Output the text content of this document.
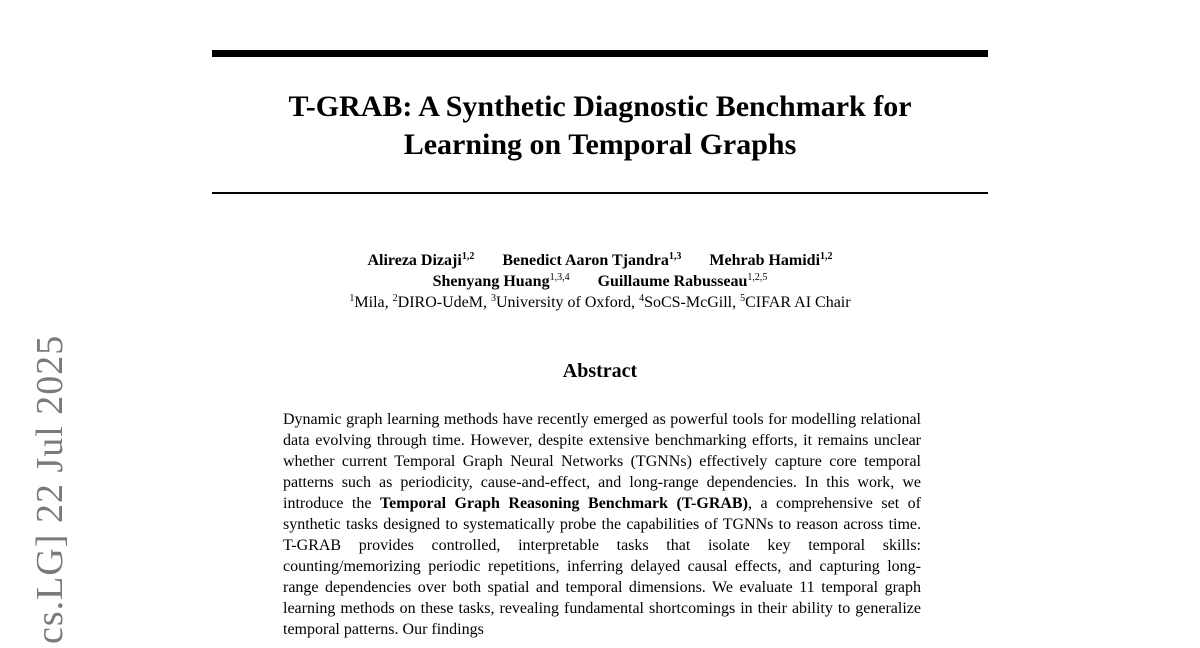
T-GRAB: A Synthetic Diagnostic Benchmark for
Learning on Temporal Graphs
Alireza Dizaji$^{1,2}$ Benedict Aaron Tjandra$^{1,3}$ Mehrab Hamidi$^{1,2}$
Shenyang Huang$^{1,3,4}$ Guillaume Rabusseau$^{1,2,5}$
$^1$Mila, $^2$DIRO-UdeM, $^3$University of Oxford, $^4$SoCS-McGill, $^5$CIFAR AI Chair
Abstract
Dynamic graph learning methods have recently emerged as powerful tools for modelling relational data evolving through time. However, despite extensive benchmarking efforts, it remains unclear whether current Temporal Graph Neural Networks (TGNNs) effectively capture core temporal patterns such as periodicity, cause-and-effect, and long-range dependencies. In this work, we introduce the Temporal Graph Reasoning Benchmark (T-GRAB), a comprehensive set of synthetic tasks designed to systematically probe the capabilities of TGNNs to reason across time. T-GRAB provides controlled, interpretable tasks that isolate key temporal skills: counting/memorizing periodic repetitions, inferring delayed causal effects, and capturing long-range dependencies over both spatial and temporal dimensions. We evaluate 11 temporal graph learning methods on these tasks, revealing fundamental shortcomings in their ability to generalize temporal patterns. Our findings
cs.LG] 22 Jul 2025
